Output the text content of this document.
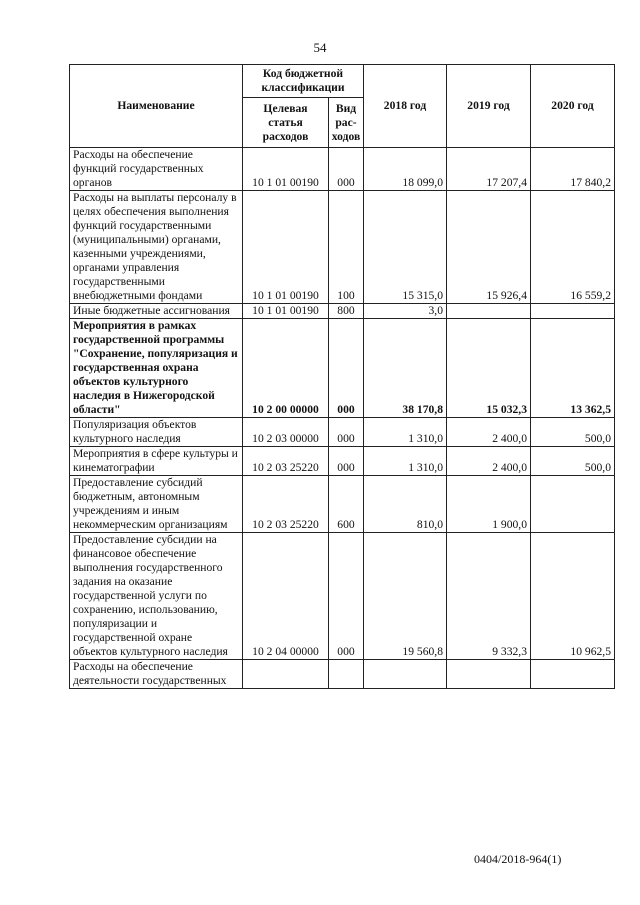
54
Наименование	Код бюджетной классификации		2018 год	2019 год	2020 год
	Целевая статья расходов	Вид рас-ходов			
Расходы на обеспечение функций государственных органов	10 1 01 00190	000	18 099,0	17 207,4	17 840,2
Расходы на выплаты персоналу в целях обеспечения выполнения функций государственными (муниципальными) органами, казенными учреждениями, органами управления государственными внебюджетными фондами	10 1 01 00190	100	15 315,0	15 926,4	16 559,2
Иные бюджетные ассигнования	10 1 01 00190	800	3,0		
Мероприятия в рамках государственной программы "Сохранение, популяризация и государственная охрана объектов культурного наследия в Нижегородской области"	10 2 00 00000	000	38 170,8	15 032,3	13 362,5
Популяризация объектов культурного наследия	10 2 03 00000	000	1 310,0	2 400,0	500,0
Мероприятия в сфере культуры и кинематографии	10 2 03 25220	000	1 310,0	2 400,0	500,0
Предоставление субсидий бюджетным, автономным учреждениям и иным некоммерческим организациям	10 2 03 25220	600	810,0	1 900,0	
Предоставление субсидии на финансовое обеспечение выполнения государственного задания на оказание государственной услуги по сохранению, использованию, популяризации и государственной охране объектов культурного наследия	10 2 04 00000	000	19 560,8	9 332,3	10 962,5
Расходы на обеспечение деятельности государственных					
0404/2018-964(1)
